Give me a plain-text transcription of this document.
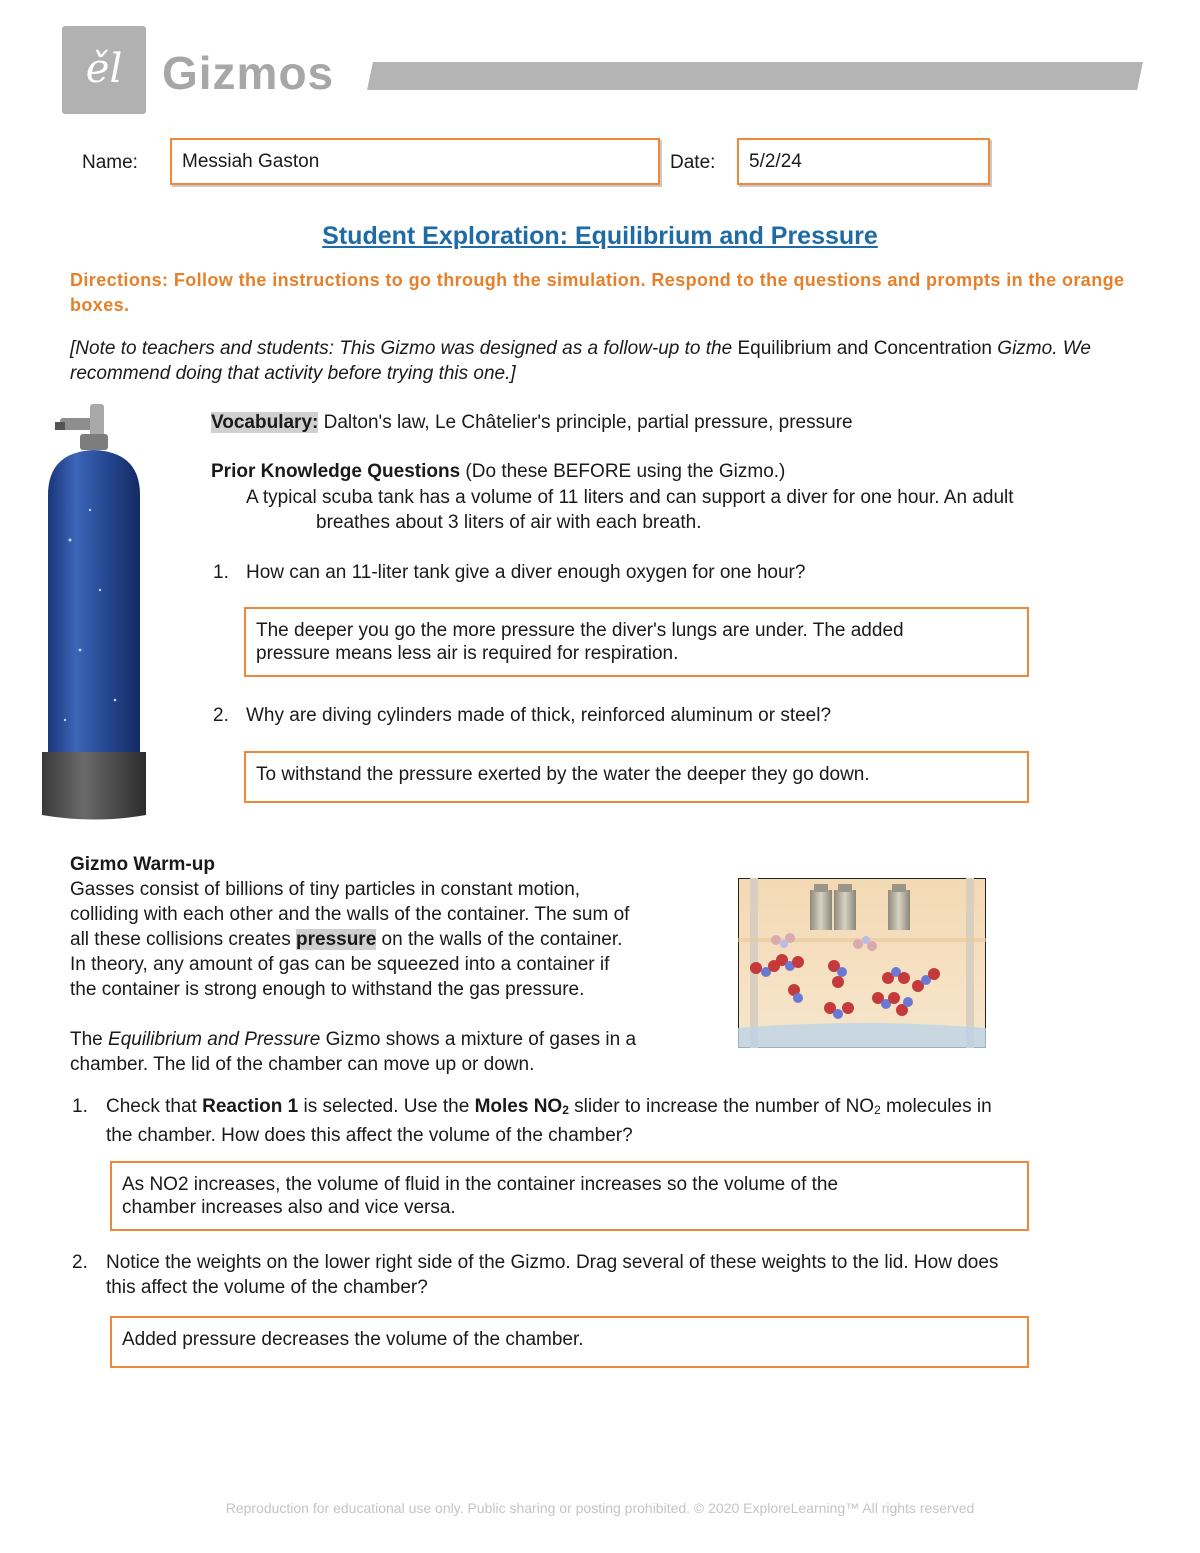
ěl Gizmos
Name:	Messiah Gaston	Date:	5/2/24
Student Exploration: Equilibrium and Pressure
Directions: Follow the instructions to go through the simulation. Respond to the questions and prompts in the orange boxes.
[Note to teachers and students: This Gizmo was designed as a follow-up to the Equilibrium and Concentration Gizmo. We recommend doing that activity before trying this one.]
Vocabulary: Dalton's law, Le Châtelier's principle, partial pressure, pressure
Prior Knowledge Questions (Do these BEFORE using the Gizmo.)
A typical scuba tank has a volume of 11 liters and can support a diver for one hour. An adult
breathes about 3 liters of air with each breath.
1. How can an 11-liter tank give a diver enough oxygen for one hour?
The deeper you go the more pressure the diver's lungs are under. The added
pressure means less air is required for respiration.
2. Why are diving cylinders made of thick, reinforced aluminum or steel?
To withstand the pressure exerted by the water the deeper they go down.
Gizmo Warm-up
Gasses consist of billions of tiny particles in constant motion,
colliding with each other and the walls of the container. The sum of
all these collisions creates pressure on the walls of the container.
In theory, any amount of gas can be squeezed into a container if
the container is strong enough to withstand the gas pressure.
The Equilibrium and Pressure Gizmo shows a mixture of gases in a
chamber. The lid of the chamber can move up or down.
1. Check that Reaction 1 is selected. Use the Moles $NO_2$ slider to increase the number of $NO_2$ molecules in
the chamber. How does this affect the volume of the chamber?
As NO2 increases, the volume of fluid in the container increases so the volume of the
chamber increases also and vice versa.
2. Notice the weights on the lower right side of the Gizmo. Drag several of these weights to the lid. How does
this affect the volume of the chamber?
Added pressure decreases the volume of the chamber.
Reproduction for educational use only. Public sharing or posting prohibited. © 2020 ExploreLearning™ All rights reserved
